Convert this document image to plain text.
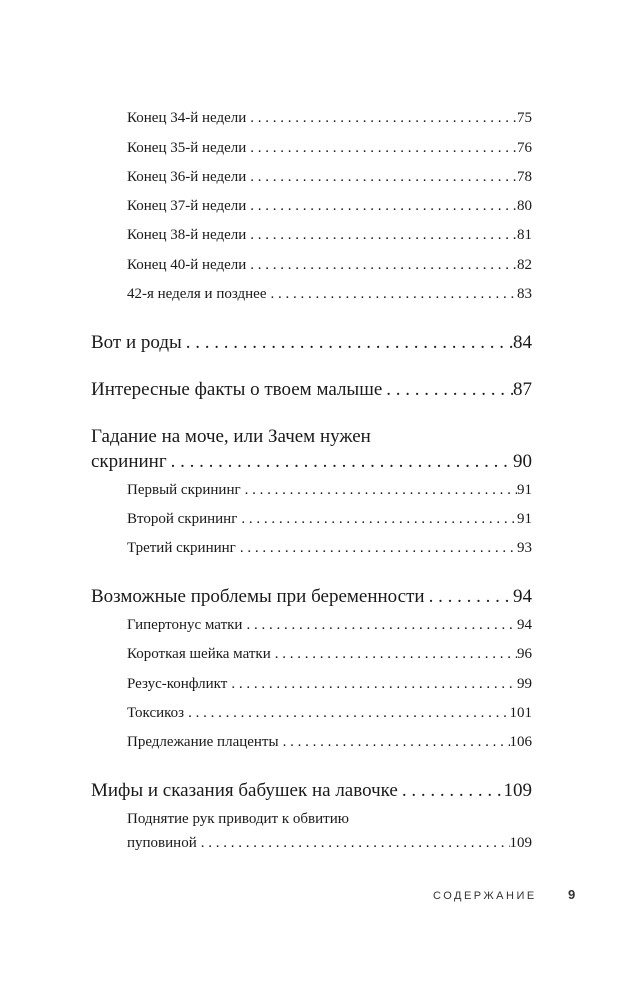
Конец 34-й недели . . .	75
Конец 35-й недели . . .	76
Конец 36-й недели . . .	78
Конец 37-й недели . . .	80
Конец 38-й недели . . .	81
Конец 40-й недели . . .	82
42-я неделя и позднее . . .	83
Вот и роды . . .	84
Интересные факты о твоем малыше . . .	87
Гадание на моче, или Зачем нужен
скрининг . . .	90
Первый скрининг . . .	91
Второй скрининг . . .	91
Третий скрининг . . .	93
Возможные проблемы при беременности . . .	94
Гипертонус матки . . .	94
Короткая шейка матки . . .	96
Резус-конфликт . . .	99
Токсикоз . . .	101
Предлежание плаценты . . .	106
Мифы и сказания бабушек на лавочке . . .	109
Поднятие рук приводит к обвитию
пуповиной . . .	109
СОДЕРЖАНИЕ 9
